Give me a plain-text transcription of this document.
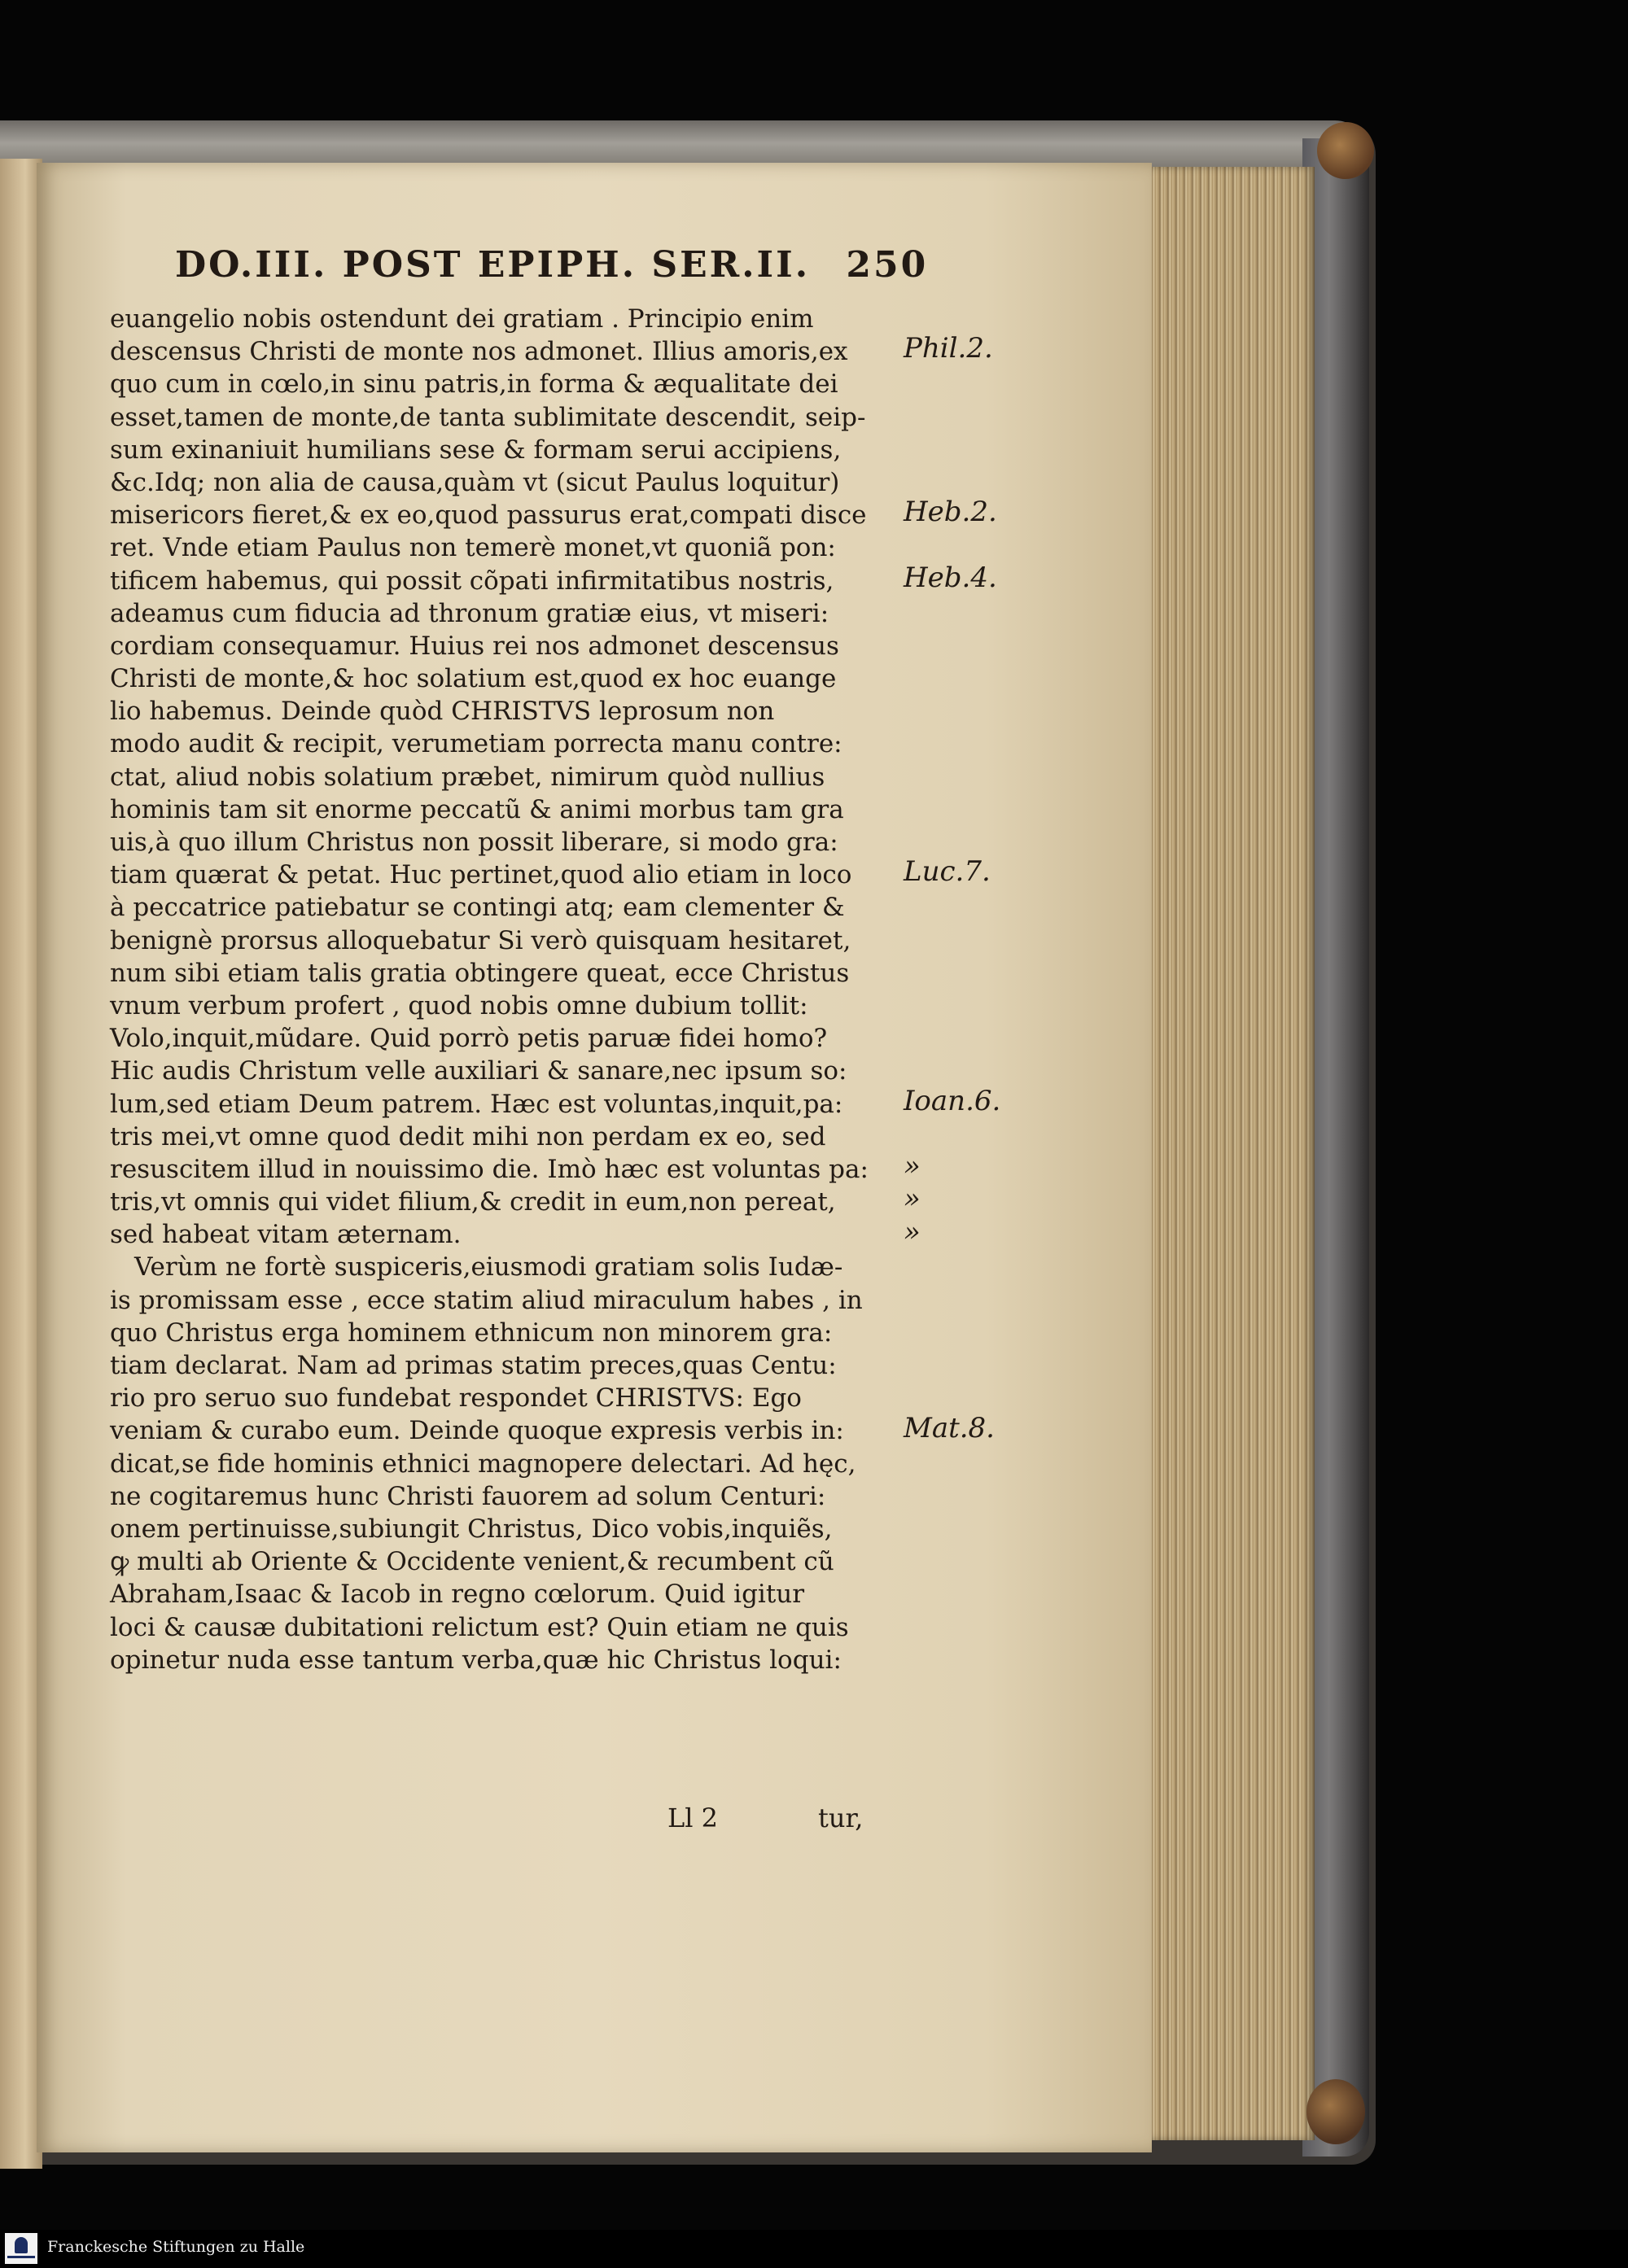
DO.III. POST EPIPH. SER.II. 250
euangelio nobis ostendunt dei gratiam . Principio enim
descensus Christi de monte nos admonet. Illius amoris,ex
quo cum in cœlo,in sinu patris,in forma & æqualitate dei
esset,tamen de monte,de tanta sublimitate descendit, seip-
sum exinaniuit humilians sese & formam serui accipiens,
&c.Idq; non alia de causa,quàm vt (sicut Paulus loquitur)
misericors fieret,& ex eo,quod passurus erat,compati disce
ret. Vnde etiam Paulus non temerè monet,vt quoniã pon:
tificem habemus, qui possit cõpati infirmitatibus nostris,
adeamus cum fiducia ad thronum gratiæ eius, vt miseri:
cordiam consequamur. Huius rei nos admonet descensus
Christi de monte,& hoc solatium est,quod ex hoc euange
lio habemus. Deinde quòd CHRISTVS leprosum non
modo audit & recipit, verumetiam porrecta manu contre:
ctat, aliud nobis solatium præbet, nimirum quòd nullius
hominis tam sit enorme peccatũ & animi morbus tam gra
uis,à quo illum Christus non possit liberare, si modo gra:
tiam quærat & petat. Huc pertinet,quod alio etiam in loco
à peccatrice patiebatur se contingi atq; eam clementer &
benignè prorsus alloquebatur Si verò quisquam hesitaret,
num sibi etiam talis gratia obtingere queat, ecce Christus
vnum verbum profert , quod nobis omne dubium tollit:
Volo,inquit,mũdare. Quid porrò petis paruæ fidei homo?
Hic audis Christum velle auxiliari & sanare,nec ipsum so:
lum,sed etiam Deum patrem. Hæc est voluntas,inquit,pa:
tris mei,vt omne quod dedit mihi non perdam ex eo, sed
resuscitem illud in nouissimo die. Imò hæc est voluntas pa:
tris,vt omnis qui videt filium,& credit in eum,non pereat,
sed habeat vitam æternam.
Verùm ne fortè suspiceris,eiusmodi gratiam solis Iudæ-
is promissam esse , ecce statim aliud miraculum habes , in
quo Christus erga hominem ethnicum non minorem gra:
tiam declarat. Nam ad primas statim preces,quas Centu:
rio pro seruo suo fundebat respondet CHRISTVS: Ego
veniam & curabo eum. Deinde quoque expresis verbis in:
dicat,se fide hominis ethnici magnopere delectari. Ad hęc,
ne cogitaremus hunc Christi fauorem ad solum Centuri:
onem pertinuisse,subiungit Christus, Dico vobis,inquiẽs,
ꝙ multi ab Oriente & Occidente venient,& recumbent cũ
Abraham,Isaac & Iacob in regno cœlorum. Quid igitur
loci & causæ dubitationi relictum est? Quin etiam ne quis
opinetur nuda esse tantum verba,quæ hic Christus loqui:
Phil.2.
Heb.2.
Heb.4.
Luc.7.
Ioan.6.
»
»
»
Mat.8.
Ll 2	tur,
Franckesche Stiftungen zu Halle
